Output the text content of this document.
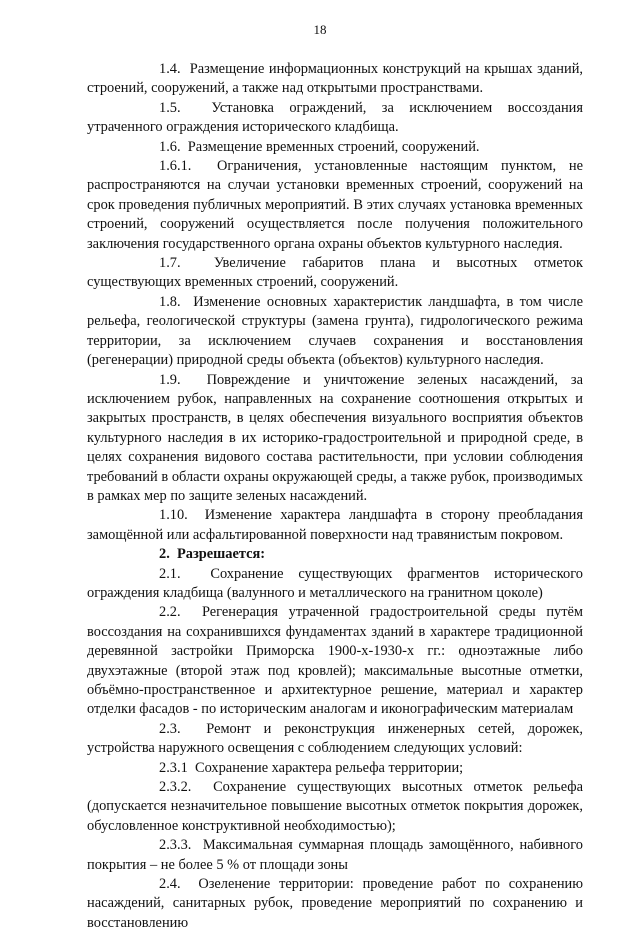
18

1.4. Размещение информационных конструкций на крышах зданий, строений, сооружений, а также над открытыми пространствами.

1.5. Установка ограждений, за исключением воссоздания утраченного ограждения исторического кладбища.

1.6. Размещение временных строений, сооружений.

1.6.1. Ограничения, установленные настоящим пунктом, не распространяются на случаи установки временных строений, сооружений на срок проведения публичных мероприятий. В этих случаях установка временных строений, сооружений осуществляется после получения положительного заключения государственного органа охраны объектов культурного наследия.

1.7. Увеличение габаритов плана и высотных отметок существующих временных строений, сооружений.

1.8. Изменение основных характеристик ландшафта, в том числе рельефа, геологической структуры (замена грунта), гидрологического режима территории, за исключением случаев сохранения и восстановления (регенерации) природной среды объекта (объектов) культурного наследия.

1.9. Повреждение и уничтожение зеленых насаждений, за исключением рубок, направленных на сохранение соотношения открытых и закрытых пространств, в целях обеспечения визуального восприятия объектов культурного наследия в их историко-градостроительной и природной среде, в целях сохранения видового состава растительности, при условии соблюдения требований в области охраны окружающей среды, а также рубок, производимых в рамках мер по защите зеленых насаждений.

1.10. Изменение характера ландшафта в сторону преобладания замощённой или асфальтированной поверхности над травянистым покровом.

2. Разрешается:

2.1. Сохранение существующих фрагментов исторического ограждения кладбища (валунного и металлического на гранитном цоколе)

2.2. Регенерация утраченной градостроительной среды путём воссоздания на сохранившихся фундаментах зданий в характере традиционной деревянной застройки Приморска 1900-х-1930-х гг.: одноэтажные либо двухэтажные (второй этаж под кровлей); максимальные высотные отметки, объёмно-пространственное и архитектурное решение, материал и характер отделки фасадов - по историческим аналогам и иконографическим материалам

2.3. Ремонт и реконструкция инженерных сетей, дорожек, устройства наружного освещения с соблюдением следующих условий:

2.3.1 Сохранение характера рельефа территории;

2.3.2. Сохранение существующих высотных отметок рельефа (допускается незначительное повышение высотных отметок покрытия дорожек, обусловленное конструктивной необходимостью);

2.3.3. Максимальная суммарная площадь замощённого, набивного покрытия – не более 5 % от площади зоны

2.4. Озеленение территории: проведение работ по сохранению насаждений, санитарных рубок, проведение мероприятий по сохранению и восстановлению
